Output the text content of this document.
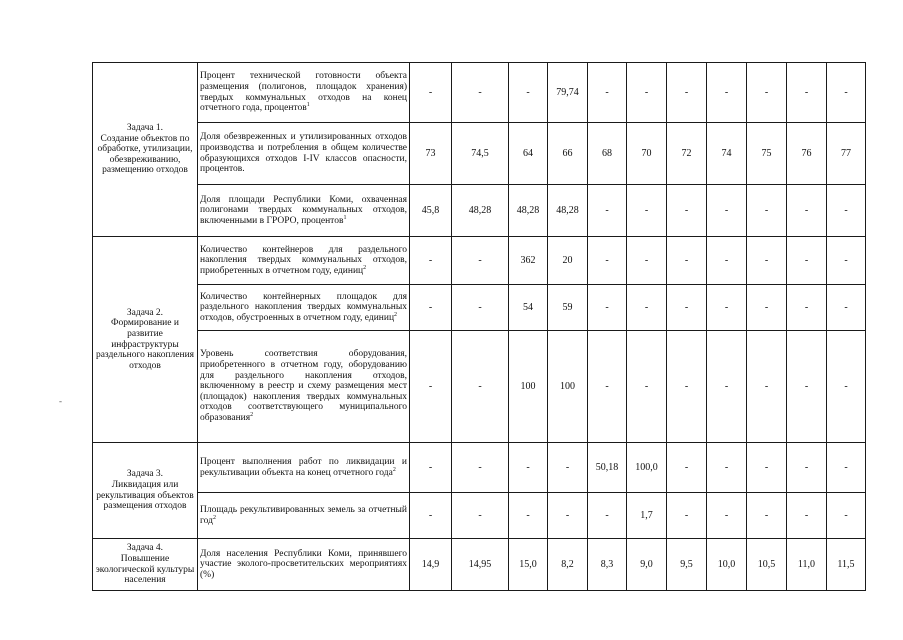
-
Задача 1.
Создание объектов по обработке, утилизации, обезвреживанию, размещению отходов	Процент технической готовности объекта размещения (полигонов, площадок хранения) твердых коммунальных отходов на конец отчетного года, процентов$^1$	-	-	-	79,74	-	-	-	-	-	-	-
	Доля обезвреженных и утилизированных отходов производства и потребления в общем количестве образующихся отходов I-IV классов опасности, процентов.	73	74,5	64	66	68	70	72	74	75	76	77
	Доля площади Республики Коми, охваченная полигонами твердых коммунальных отходов, включенными в ГРОРО, процентов$^1$	45,8	48,28	48,28	48,28	-	-	-	-	-	-	-
Задача 2.
Формирование и развитие инфраструктуры раздельного накопления отходов	Количество контейнеров для раздельного накопления твердых коммунальных отходов, приобретенных в отчетном году, единиц$^2$	-	-	362	20	-	-	-	-	-	-	-
	Количество контейнерных площадок для раздельного накопления твердых коммунальных отходов, обустроенных в отчетном году, единиц$^2$	-	-	54	59	-	-	-	-	-	-	-
	Уровень соответствия оборудования, приобретенного в отчетном году, оборудованию для раздельного накопления отходов, включенному в реестр и схему размещения мест (площадок) накопления твердых коммунальных отходов соответствующего муниципального образования$^2$	-	-	100	100	-	-	-	-	-	-	-
Задача 3.
Ликвидация или рекультивация объектов размещения отходов	Процент выполнения работ по ликвидации и рекультивации объекта на конец отчетного года$^2$	-	-	-	-	50,18	100,0	-	-	-	-	-
	Площадь рекультивированных земель за отчетный год$^2$	-	-	-	-	-	1,7	-	-	-	-	-
Задача 4.
Повышение экологической культуры населения	Доля населения Республики Коми, принявшего участие эколого-просветительских мероприятиях (%)	14,9	14,95	15,0	8,2	8,3	9,0	9,5	10,0	10,5	11,0	11,5
